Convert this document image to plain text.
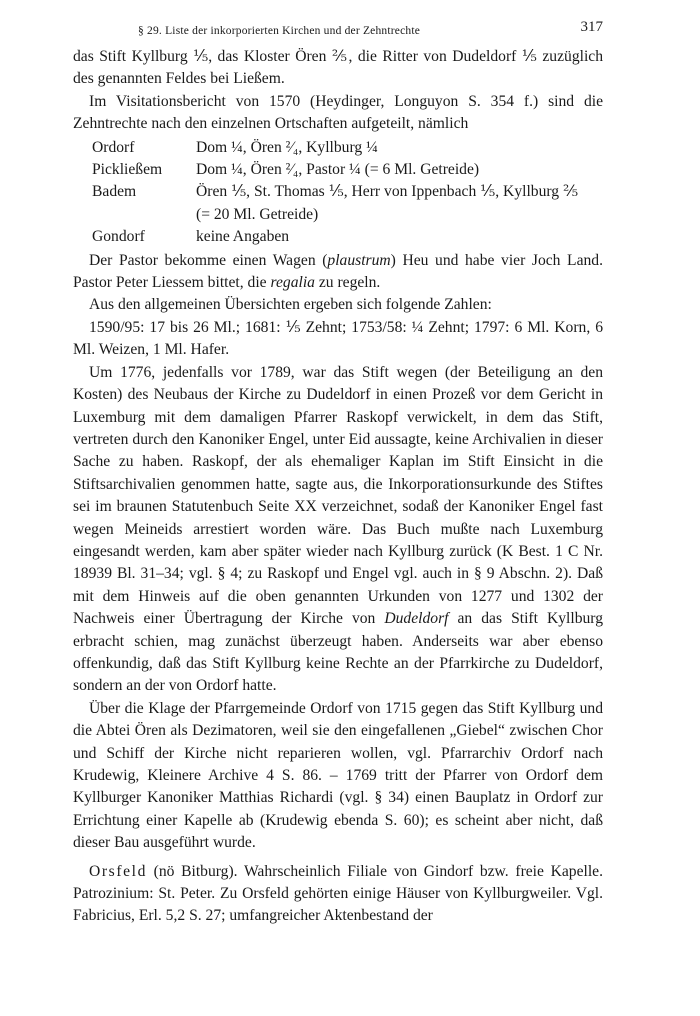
§ 29. Liste der inkorporierten Kirchen und der Zehntrechte	317

das Stift Kyllburg ⅕, das Kloster Ören ⅖, die Ritter von Dudeldorf ⅕ zuzüglich des genannten Feldes bei Ließem.

Im Visitationsbericht von 1570 (Heydinger, Longuyon S. 354 f.) sind die Zehntrechte nach den einzelnen Ortschaften aufgeteilt, nämlich

Ordorf	Dom ¼, Ören ²⁄₄, Kyllburg ¼
Pickließem	Dom ¼, Ören ²⁄₄, Pastor ¼ (= 6 Ml. Getreide)
Badem	Ören ⅕, St. Thomas ⅕, Herr von Ippenbach ⅕, Kyllburg ⅖
	(= 20 Ml. Getreide)
Gondorf	keine Angaben

Der Pastor bekomme einen Wagen (plaustrum) Heu und habe vier Joch Land. Pastor Peter Liessem bittet, die regalia zu regeln.

Aus den allgemeinen Übersichten ergeben sich folgende Zahlen:

1590/95: 17 bis 26 Ml.; 1681: ⅕ Zehnt; 1753/58: ¼ Zehnt; 1797: 6 Ml. Korn, 6 Ml. Weizen, 1 Ml. Hafer.

Um 1776, jedenfalls vor 1789, war das Stift wegen (der Beteiligung an den Kosten) des Neubaus der Kirche zu Dudeldorf in einen Prozeß vor dem Gericht in Luxemburg mit dem damaligen Pfarrer Raskopf verwickelt, in dem das Stift, vertreten durch den Kanoniker Engel, unter Eid aussagte, keine Archivalien in dieser Sache zu haben. Raskopf, der als ehemaliger Kaplan im Stift Einsicht in die Stiftsarchivalien genommen hatte, sagte aus, die Inkorporationsurkunde des Stiftes sei im braunen Statutenbuch Seite XX verzeichnet, sodaß der Kanoniker Engel fast wegen Meineids arrestiert worden wäre. Das Buch mußte nach Luxemburg eingesandt werden, kam aber später wieder nach Kyllburg zurück (K Best. 1 C Nr. 18939 Bl. 31–34; vgl. § 4; zu Raskopf und Engel vgl. auch in § 9 Abschn. 2). Daß mit dem Hinweis auf die oben genannten Urkunden von 1277 und 1302 der Nachweis einer Übertragung der Kirche von Dudeldorf an das Stift Kyllburg erbracht schien, mag zunächst überzeugt haben. Anderseits war aber ebenso offenkundig, daß das Stift Kyllburg keine Rechte an der Pfarrkirche zu Dudeldorf, sondern an der von Ordorf hatte.

Über die Klage der Pfarrgemeinde Ordorf von 1715 gegen das Stift Kyllburg und die Abtei Ören als Dezimatoren, weil sie den eingefallenen „Giebel“ zwischen Chor und Schiff der Kirche nicht reparieren wollen, vgl. Pfarrarchiv Ordorf nach Krudewig, Kleinere Archive 4 S. 86. – 1769 tritt der Pfarrer von Ordorf dem Kyllburger Kanoniker Matthias Richardi (vgl. § 34) einen Bauplatz in Ordorf zur Errichtung einer Kapelle ab (Krudewig ebenda S. 60); es scheint aber nicht, daß dieser Bau ausgeführt wurde.

Orsfeld (nö Bitburg). Wahrscheinlich Filiale von Gindorf bzw. freie Kapelle. Patrozinium: St. Peter. Zu Orsfeld gehörten einige Häuser von Kyllburgweiler. Vgl. Fabricius, Erl. 5,2 S. 27; umfangreicher Aktenbestand der
